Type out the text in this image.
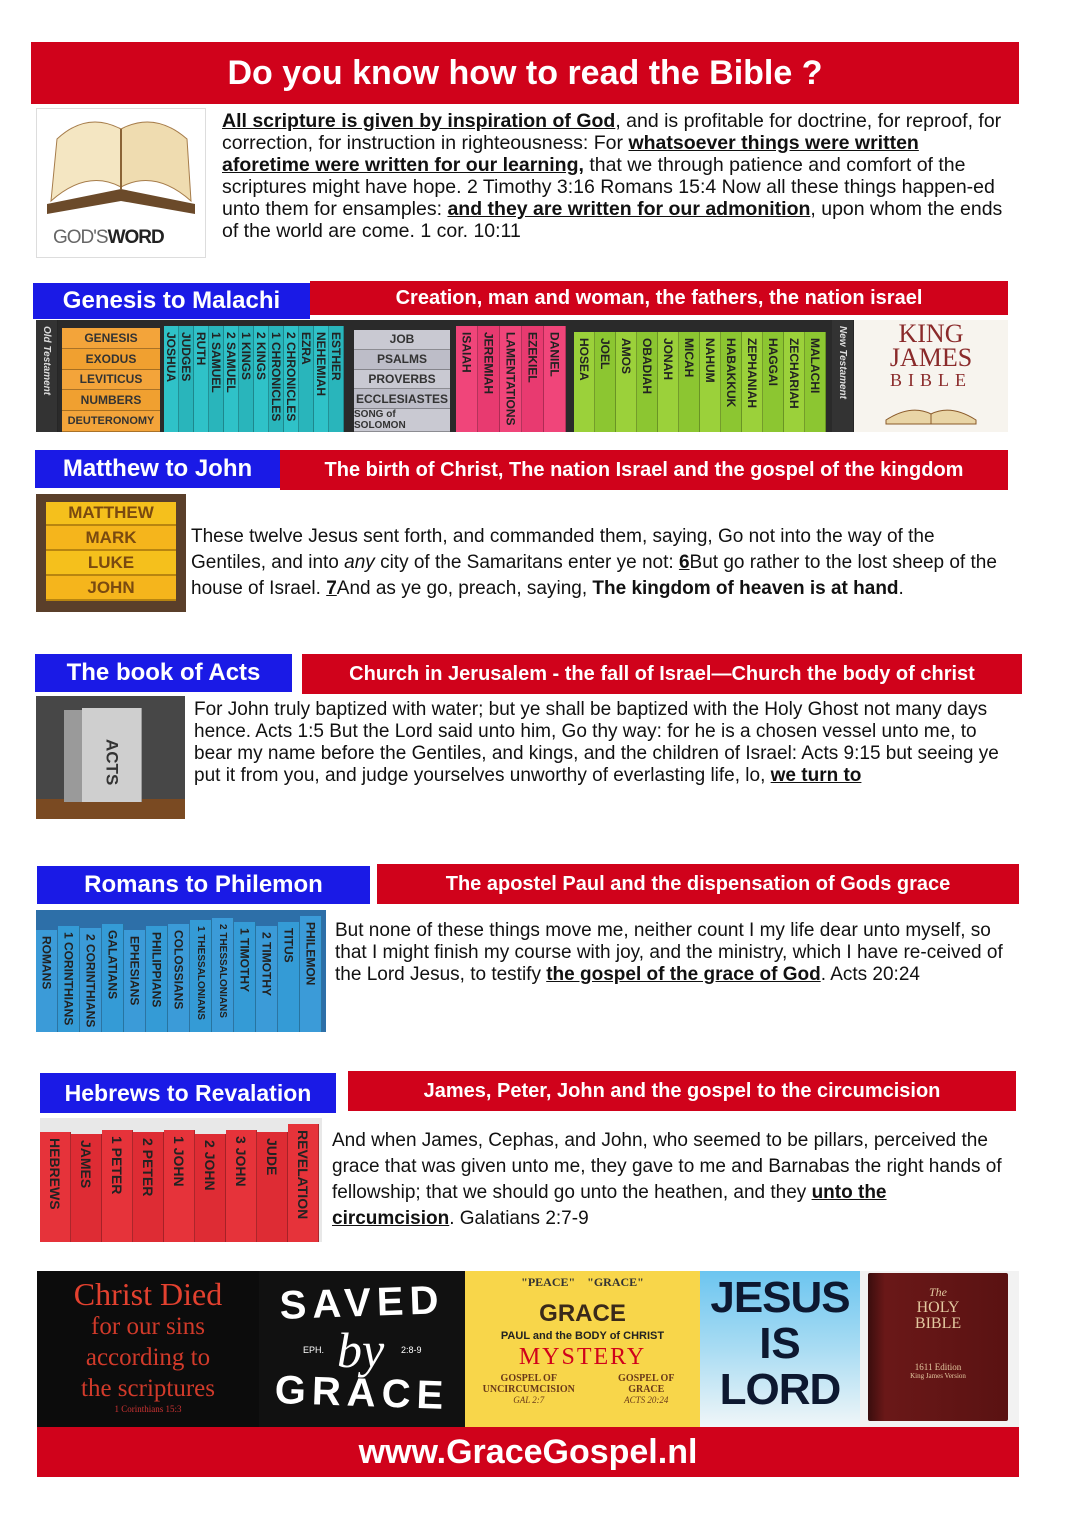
Do you know how to read the Bible ?
GOD'SWORD
All scripture is given by inspiration of God, and is profitable for doctrine, for reproof, for correction, for instruction in righteousness: For whatsoever things were written aforetime were written for our learning, that we through patience and comfort of the scriptures might have hope. 2 Timothy 3:16 Romans 15:4 Now all these things happen-ed unto them for ensamples: and they are written for our admonition, upon whom the ends of the world are come. 1 cor. 10:11
Genesis to Malachi	Creation, man and woman, the fathers, the nation israel
Old Testament	GENESIS
EXODUS
LEVITICUS
NUMBERS
DEUTERONOMY
JOSHUA JUDGES RUTH 1 SAMUEL 2 SAMUEL 1 KINGS 2 KINGS 1 CHRONICLES 2 CHRONICLES EZRA NEHEMIAH ESTHER	JOB
PSALMS
PROVERBS
ECCLESIASTES
SONG of SOLOMON
ISAIAH JEREMIAH LAMENTATIONS EZEKIEL DANIEL	HOSEA JOEL AMOS OBADIAH JONAH MICAH NAHUM HABAKKUK ZEPHANIAH HAGGAI ZECHARIAH MALACHI	New Testament	KING
JAMES
BIBLE
Matthew to John	The birth of Christ, The nation Israel and the gospel of the kingdom
MATTHEW
MARK
LUKE
JOHN
These twelve Jesus sent forth, and commanded them, saying, Go not into the way of the Gentiles, and into any city of the Samaritans enter ye not: 6But go rather to the lost sheep of the house of Israel. 7And as ye go, preach, saying, The kingdom of heaven is at hand.
The book of Acts	Church in Jerusalem - the fall of Israel—Church the body of christ
ACTS
For John truly baptized with water; but ye shall be baptized with the Holy Ghost not many days hence. Acts 1:5 But the Lord said unto him, Go thy way: for he is a chosen vessel unto me, to bear my name before the Gentiles, and kings, and the children of Israel: Acts 9:15 but seeing ye put it from you, and judge yourselves unworthy of everlasting life, lo, we turn to
Romans to Philemon	The apostel Paul and the dispensation of Gods grace
ROMANS 1 CORINTHIANS 2 CORINTHIANS GALATIANS EPHESIANS PHILIPPIANS COLOSSIANS 1 THESSALONIANS	2 THESSALONIANS 1 TIMOTHY 2 TIMOTHY TITUS PHILEMON But none of these things move me, neither count I my life dear unto myself, so that I might finish my course with joy, and the ministry, which I have re-ceived of the Lord Jesus, to testify the gospel of the grace of God. Acts 20:24
Hebrews to Revalation	James, Peter, John and the gospel to the circumcision
HEBREWS	JAMES	1 PETER	2 PETER	1 JOHN	2 JOHN	3 JOHN	JUDE	REVELATION	And when James, Cephas, and John, who seemed to be pillars, perceived the grace that was given unto me, they gave to me and Barnabas the right hands of fellowship; that we should go unto the heathen, and they unto the circumcision. Galatians 2:7-9
Christ Died
for our sins
according to
the scriptures
1 Corinthians 15:3
SAVED
EPH. by 2:8-9
GRACE
"PEACE" "GRACE"
GRACE
PAUL and the BODY of CHRIST
MYSTERY
GOSPEL OF UNCIRCUMCISION
GAL 2:7
GOSPEL OF GRACE
ACTS 20:24
JESUS
IS
LORD
The
HOLY
BIBLE
1611 Edition
King James Version
www.GraceGospel.nl
